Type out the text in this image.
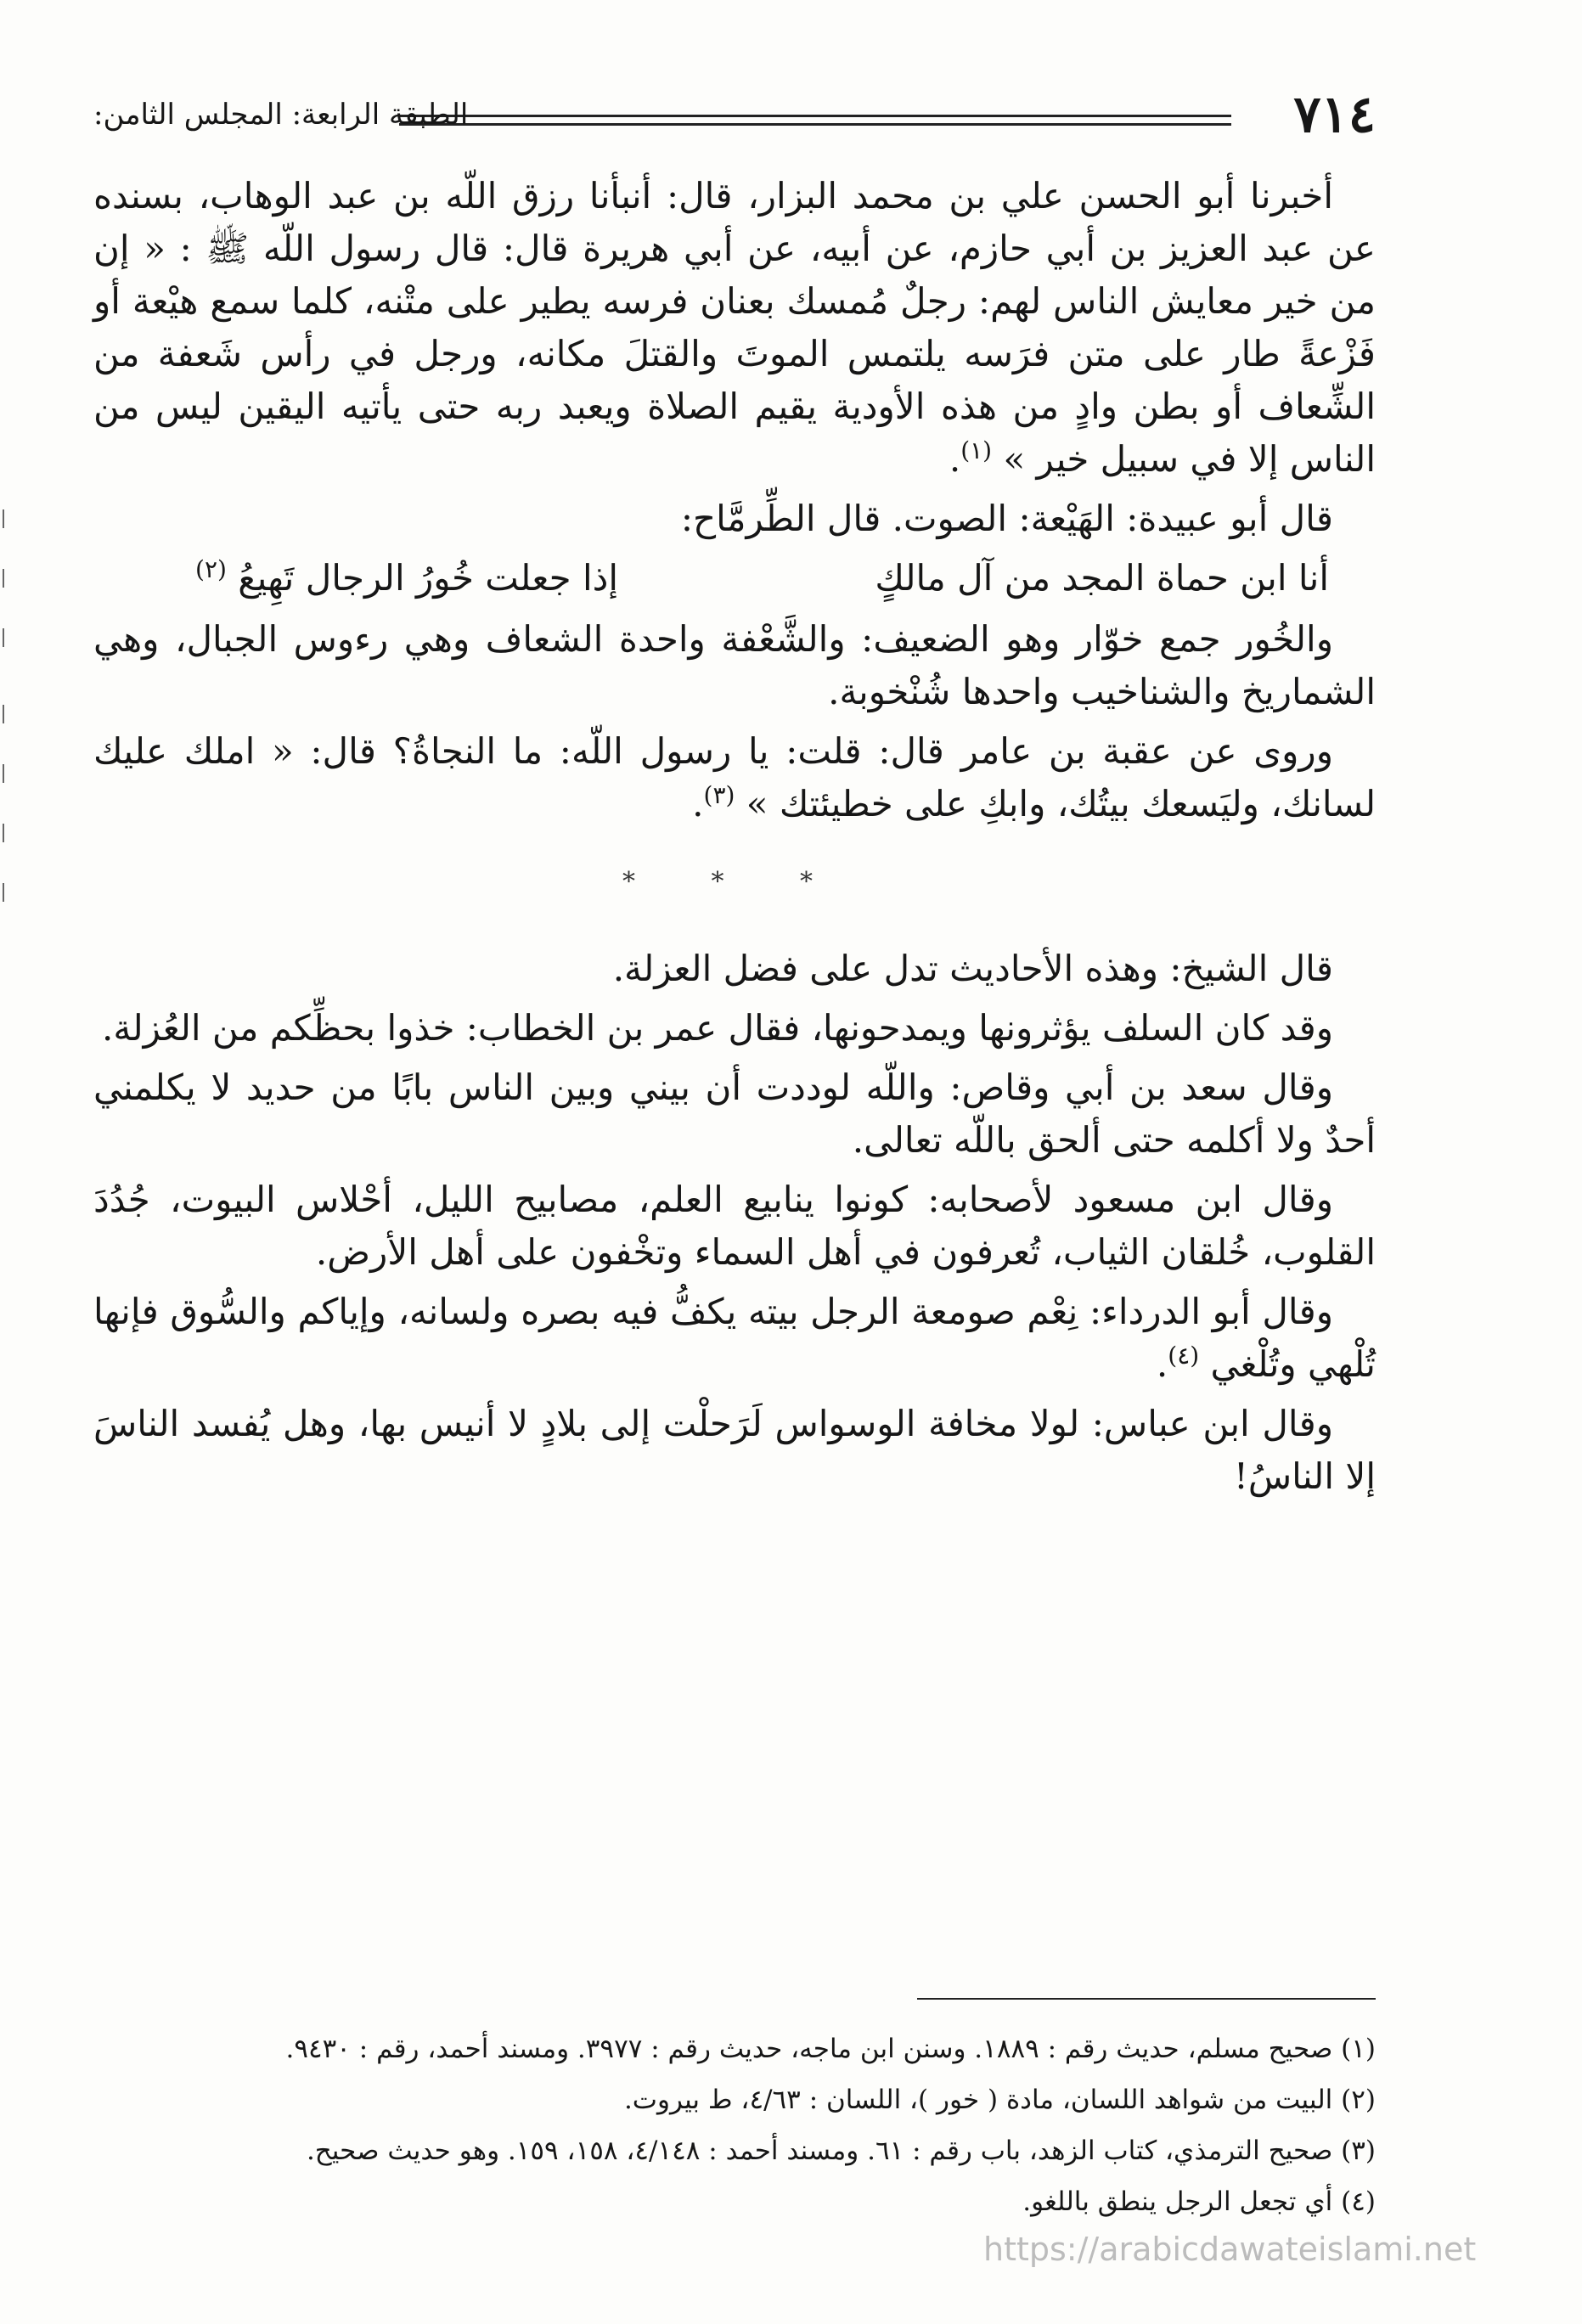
٧١٤
الطبقة الرابعة: المجلس الثامن:

أخبرنا أبو الحسن علي بن محمد البزار، قال: أنبأنا رزق اللّه بن عبد الوهاب، بسنده عن عبد العزيز بن أبي حازم، عن أبيه، عن أبي هريرة قال: قال رسول اللّه ﷺ : « إن من خير معايش الناس لهم: رجلٌ مُمسك بعنان فرسه يطير على متْنه، كلما سمع هيْعة أو فَزْعةً طار على متن فرَسه يلتمس الموتَ والقتلَ مكانه، ورجل في رأس شَعفة من الشِّعاف أو بطن وادٍ من هذه الأودية يقيم الصلاة ويعبد ربه حتى يأتيه اليقين ليس من الناس إلا في سبيل خير » $^{(١)}$.

قال أبو عبيدة: الهَيْعة: الصوت. قال الطِّرمَّاح:

أنا ابن حماة المجد من آل مالكٍ
إذا جعلت خُورُ الرجال تَهِيعُ $^{(٢)}$

والخُور جمع خوّار وهو الضعيف: والشَّعْفة واحدة الشعاف وهي رءوس الجبال، وهي الشماريخ والشناخيب واحدها شُنْخوبة.

وروى عن عقبة بن عامر قال: قلت: يا رسول اللّه: ما النجاةُ؟ قال: « املك عليك لسانك، وليَسعك بيتُك، وابكِ على خطيئتك » $^{(٣)}$.

* * *

قال الشيخ: وهذه الأحاديث تدل على فضل العزلة.

وقد كان السلف يؤثرونها ويمدحونها، فقال عمر بن الخطاب: خذوا بحظِّكم من العُزلة.

وقال سعد بن أبي وقاص: واللّه لوددت أن بيني وبين الناس بابًا من حديد لا يكلمني أحدٌ ولا أكلمه حتى ألحق باللّه تعالى.

وقال ابن مسعود لأصحابه: كونوا ينابيع العلم، مصابيح الليل، أحْلاس البيوت، جُدُدَ القلوب، خُلقان الثياب، تُعرفون في أهل السماء وتخْفون على أهل الأرض.

وقال أبو الدرداء: نِعْم صومعة الرجل بيته يكفُّ فيه بصره ولسانه، وإياكم والسُّوق فإنها تُلْهي وتُلْغي $^{(٤)}$.

وقال ابن عباس: لولا مخافة الوسواس لَرَحلْت إلى بلادٍ لا أنيس بها، وهل يُفسد الناسَ إلا الناسُ!

(١) صحيح مسلم، حديث رقم : ١٨٨٩. وسنن ابن ماجه، حديث رقم : ٣٩٧٧. ومسند أحمد، رقم : ٩٤٣٠.
(٢) البيت من شواهد اللسان، مادة ( خور )، اللسان : ٤/٦٣، ط بيروت.
(٣) صحيح الترمذي، كتاب الزهد، باب رقم : ٦١. ومسند أحمد : ٤/١٤٨، ١٥٨، ١٥٩. وهو حديث صحيح.
(٤) أي تجعل الرجل ينطق باللغو.
https://arabicdawateislami.net
